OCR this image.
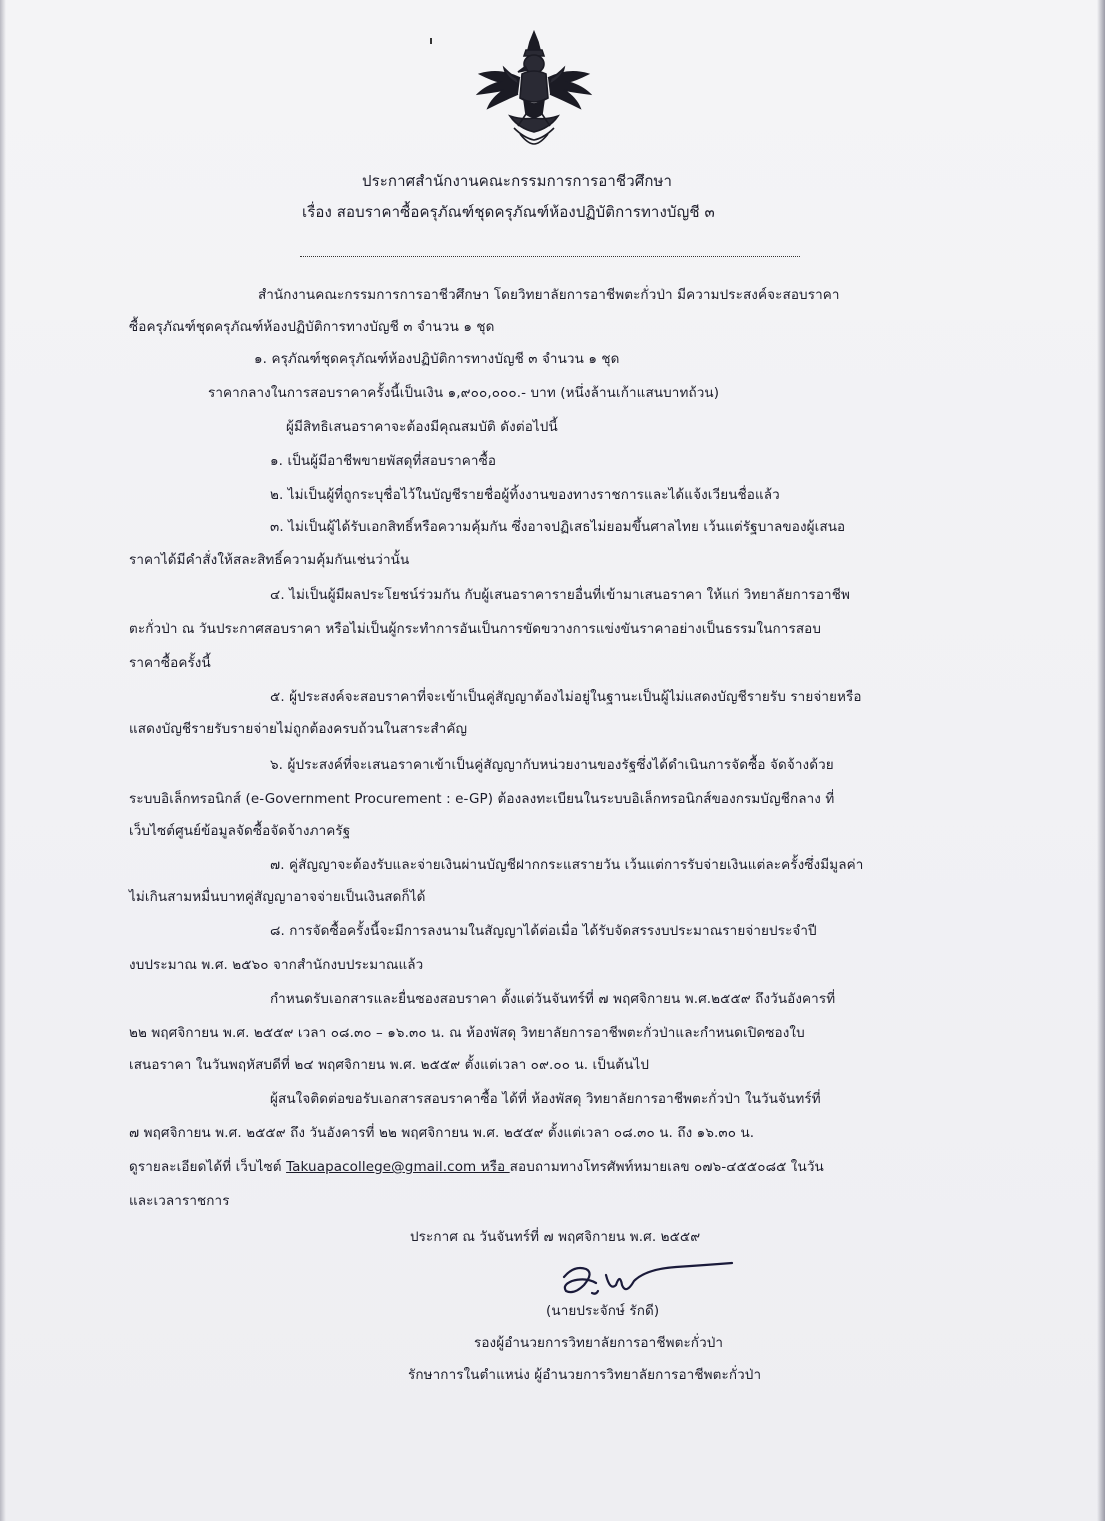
ประกาศสำนักงานคณะกรรมการการอาชีวศึกษา
เรื่อง สอบราคาซื้อครุภัณฑ์ชุดครุภัณฑ์ห้องปฏิบัติการทางบัญชี ๓
สำนักงานคณะกรรมการการอาชีวศึกษา โดยวิทยาลัยการอาชีพตะกั่วป่า มีความประสงค์จะสอบราคา
ซื้อครุภัณฑ์ชุดครุภัณฑ์ห้องปฏิบัติการทางบัญชี ๓ จำนวน ๑ ชุด
๑. ครุภัณฑ์ชุดครุภัณฑ์ห้องปฏิบัติการทางบัญชี ๓ จำนวน ๑ ชุด
ราคากลางในการสอบราคาครั้งนี้เป็นเงิน ๑,๙๐๐,๐๐๐.- บาท (หนึ่งล้านเก้าแสนบาทถ้วน)
ผู้มีสิทธิเสนอราคาจะต้องมีคุณสมบัติ ดังต่อไปนี้
๑. เป็นผู้มีอาชีพขายพัสดุที่สอบราคาซื้อ
๒. ไม่เป็นผู้ที่ถูกระบุชื่อไว้ในบัญชีรายชื่อผู้ทิ้งงานของทางราชการและได้แจ้งเวียนชื่อแล้ว
๓. ไม่เป็นผู้ได้รับเอกสิทธิ์หรือความคุ้มกัน ซึ่งอาจปฏิเสธไม่ยอมขึ้นศาลไทย เว้นแต่รัฐบาลของผู้เสนอ
ราคาได้มีคำสั่งให้สละสิทธิ์ความคุ้มกันเช่นว่านั้น
๔. ไม่เป็นผู้มีผลประโยชน์ร่วมกัน กับผู้เสนอราคารายอื่นที่เข้ามาเสนอราคา ให้แก่ วิทยาลัยการอาชีพ
ตะกั่วป่า ณ วันประกาศสอบราคา หรือไม่เป็นผู้กระทำการอันเป็นการขัดขวางการแข่งขันราคาอย่างเป็นธรรมในการสอบ
ราคาซื้อครั้งนี้
๕. ผู้ประสงค์จะสอบราคาที่จะเข้าเป็นคู่สัญญาต้องไม่อยู่ในฐานะเป็นผู้ไม่แสดงบัญชีรายรับ รายจ่ายหรือ
แสดงบัญชีรายรับรายจ่ายไม่ถูกต้องครบถ้วนในสาระสำคัญ
๖. ผู้ประสงค์ที่จะเสนอราคาเข้าเป็นคู่สัญญากับหน่วยงานของรัฐซึ่งได้ดำเนินการจัดซื้อ จัดจ้างด้วย
ระบบอิเล็กทรอนิกส์ (e-Government Procurement : e-GP) ต้องลงทะเบียนในระบบอิเล็กทรอนิกส์ของกรมบัญชีกลาง ที่
เว็บไซต์ศูนย์ข้อมูลจัดซื้อจัดจ้างภาครัฐ
๗. คู่สัญญาจะต้องรับและจ่ายเงินผ่านบัญชีฝากกระแสรายวัน เว้นแต่การรับจ่ายเงินแต่ละครั้งซึ่งมีมูลค่า
ไม่เกินสามหมื่นบาทคู่สัญญาอาจจ่ายเป็นเงินสดก็ได้
๘. การจัดซื้อครั้งนี้จะมีการลงนามในสัญญาได้ต่อเมื่อ ได้รับจัดสรรงบประมาณรายจ่ายประจำปี
งบประมาณ พ.ศ. ๒๕๖๐ จากสำนักงบประมาณแล้ว
กำหนดรับเอกสารและยื่นซองสอบราคา ตั้งแต่วันจันทร์ที่ ๗ พฤศจิกายน พ.ศ.๒๕๕๙ ถึงวันอังคารที่
๒๒ พฤศจิกายน พ.ศ. ๒๕๕๙ เวลา ๐๘.๓๐ – ๑๖.๓๐ น. ณ ห้องพัสดุ วิทยาลัยการอาชีพตะกั่วป่าและกำหนดเปิดซองใบ
เสนอราคา ในวันพฤหัสบดีที่ ๒๔ พฤศจิกายน พ.ศ. ๒๕๕๙ ตั้งแต่เวลา ๐๙.๐๐ น. เป็นต้นไป
ผู้สนใจติดต่อขอรับเอกสารสอบราคาซื้อ ได้ที่ ห้องพัสดุ วิทยาลัยการอาชีพตะกั่วป่า ในวันจันทร์ที่
๗ พฤศจิกายน พ.ศ. ๒๕๕๙ ถึง วันอังคารที่ ๒๒ พฤศจิกายน พ.ศ. ๒๕๕๙ ตั้งแต่เวลา ๐๘.๓๐ น. ถึง ๑๖.๓๐ น.
ดูรายละเอียดได้ที่ เว็บไซต์ Takuapacollege@gmail.com หรือ สอบถามทางโทรศัพท์หมายเลข ๐๗๖-๔๕๕๐๘๕ ในวัน
และเวลาราชการ
ประกาศ ณ วันจันทร์ที่ ๗ พฤศจิกายน พ.ศ. ๒๕๕๙
(นายประจักษ์ รักดี)
รองผู้อำนวยการวิทยาลัยการอาชีพตะกั่วป่า
รักษาการในตำแหน่ง ผู้อำนวยการวิทยาลัยการอาชีพตะกั่วป่า
